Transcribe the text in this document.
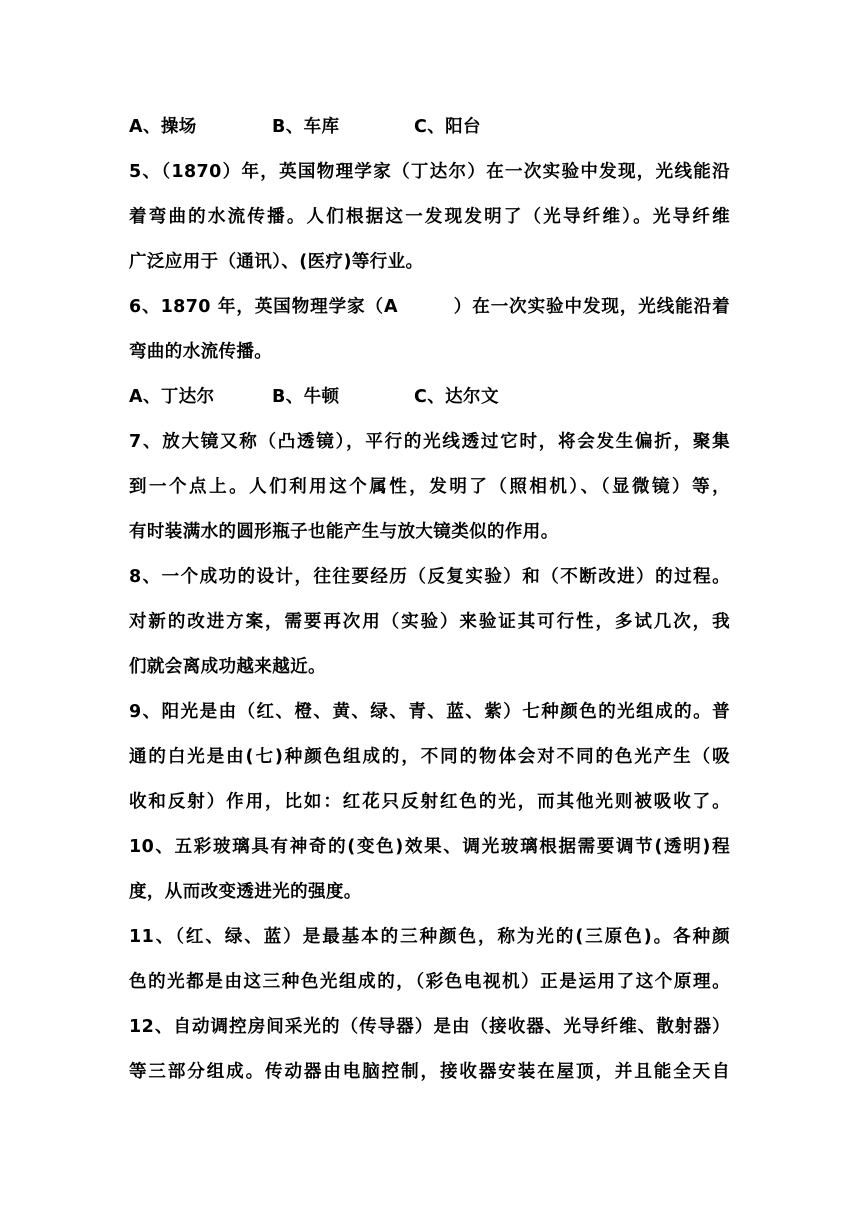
A、操场	B、车库	C、阳台
5、（1870）年，英国物理学家（丁达尔）在一次实验中发现，光线能沿
着弯曲的水流传播。人们根据这一发现发明了（光导纤维）。光导纤维
广泛应用于（通讯）、(医疗)等行业。
6、1870 年，英国物理学家（A　　　）在一次实验中发现，光线能沿着
弯曲的水流传播。
A、丁达尔	B、牛顿	C、达尔文
7、放大镜又称（凸透镜），平行的光线透过它时，将会发生偏折，聚集
到一个点上。人们利用这个属性，发明了（照相机）、（显微镜）等，
有时装满水的圆形瓶子也能产生与放大镜类似的作用。
8、一个成功的设计，往往要经历（反复实验）和（不断改进）的过程。
对新的改进方案，需要再次用（实验）来验证其可行性，多试几次，我
们就会离成功越来越近。
9、阳光是由（红、橙、黄、绿、青、蓝、紫）七种颜色的光组成的。普
通的白光是由(七)种颜色组成的，不同的物体会对不同的色光产生（吸
收和反射）作用，比如：红花只反射红色的光，而其他光则被吸收了。
10、五彩玻璃具有神奇的(变色)效果、调光玻璃根据需要调节(透明)程
度，从而改变透进光的强度。
11、（红、绿、蓝）是最基本的三种颜色，称为光的(三原色)。各种颜
色的光都是由这三种色光组成的，（彩色电视机）正是运用了这个原理。
12、自动调控房间采光的（传导器）是由（接收器、光导纤维、散射器）
等三部分组成。传动器由电脑控制，接收器安装在屋顶，并且能全天自
